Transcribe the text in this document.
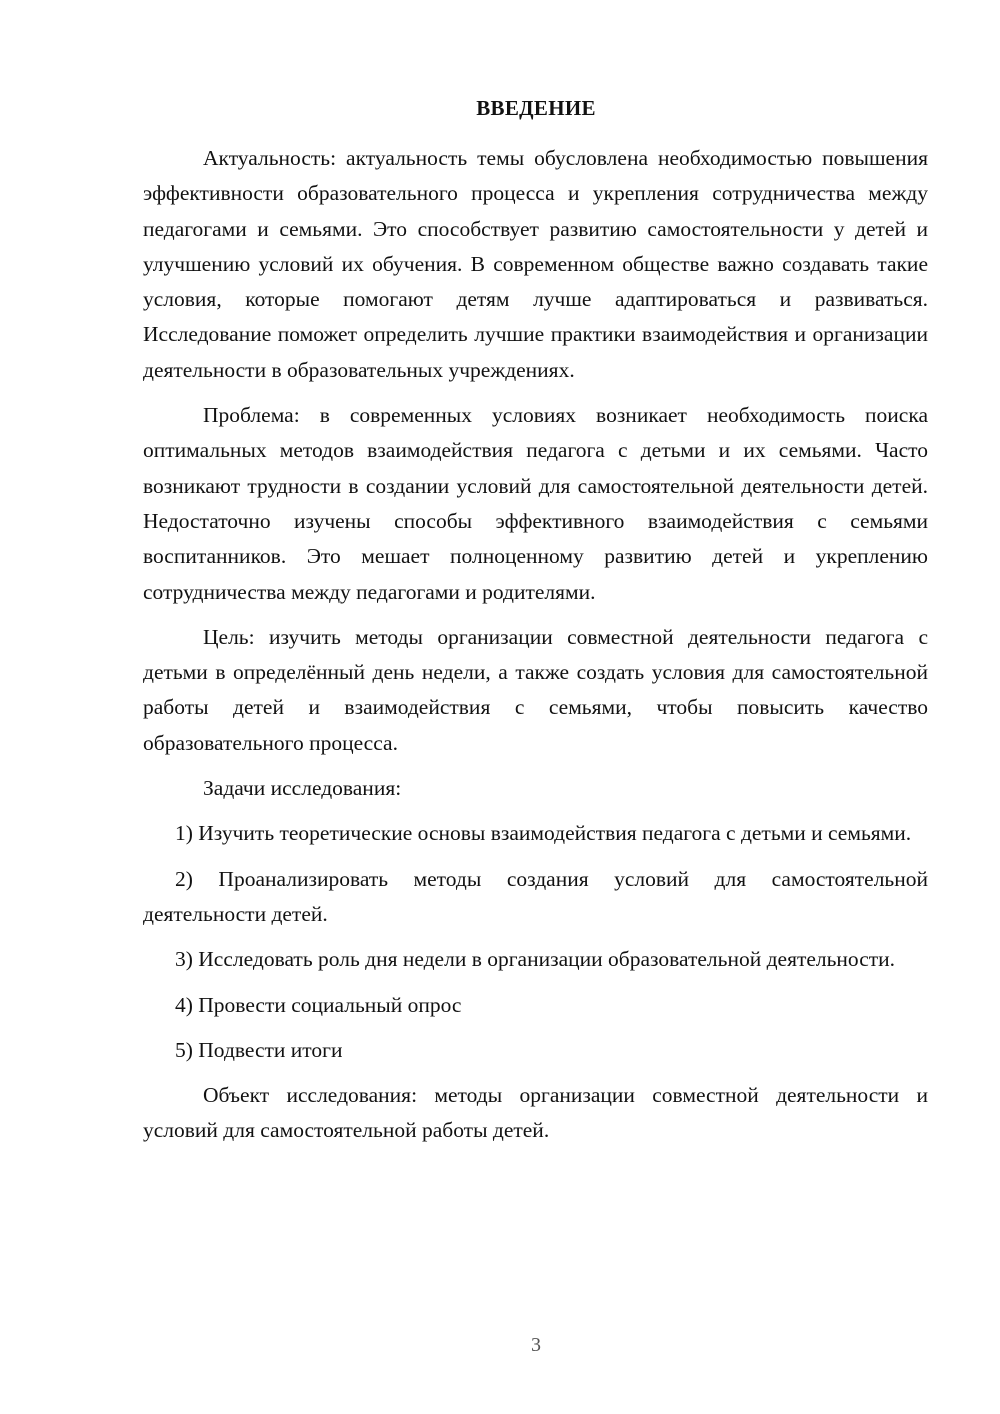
ВВЕДЕНИЕ

Актуальность: актуальность темы обусловлена необходимостью повышения эффективности образовательного процесса и укрепления сотрудничества между педагогами и семьями. Это способствует развитию самостоятельности у детей и улучшению условий их обучения. В современном обществе важно создавать такие условия, которые помогают детям лучше адаптироваться и развиваться. Исследование поможет определить лучшие практики взаимодействия и организации деятельности в образовательных учреждениях.

Проблема: в современных условиях возникает необходимость поиска оптимальных методов взаимодействия педагога с детьми и их семьями. Часто возникают трудности в создании условий для самостоятельной деятельности детей. Недостаточно изучены способы эффективного взаимодействия с семьями воспитанников. Это мешает полноценному развитию детей и укреплению сотрудничества между педагогами и родителями.

Цель: изучить методы организации совместной деятельности педагога с детьми в определённый день недели, а также создать условия для самостоятельной работы детей и взаимодействия с семьями, чтобы повысить качество образовательного процесса.

Задачи исследования:

1) Изучить теоретические основы взаимодействия педагога с детьми и семьями.

2) Проанализировать методы создания условий для самостоятельной деятельности детей.

3) Исследовать роль дня недели в организации образовательной деятельности.

4) Провести социальный опрос

5) Подвести итоги

Объект исследования: методы организации совместной деятельности и условий для самостоятельной работы детей.

3
